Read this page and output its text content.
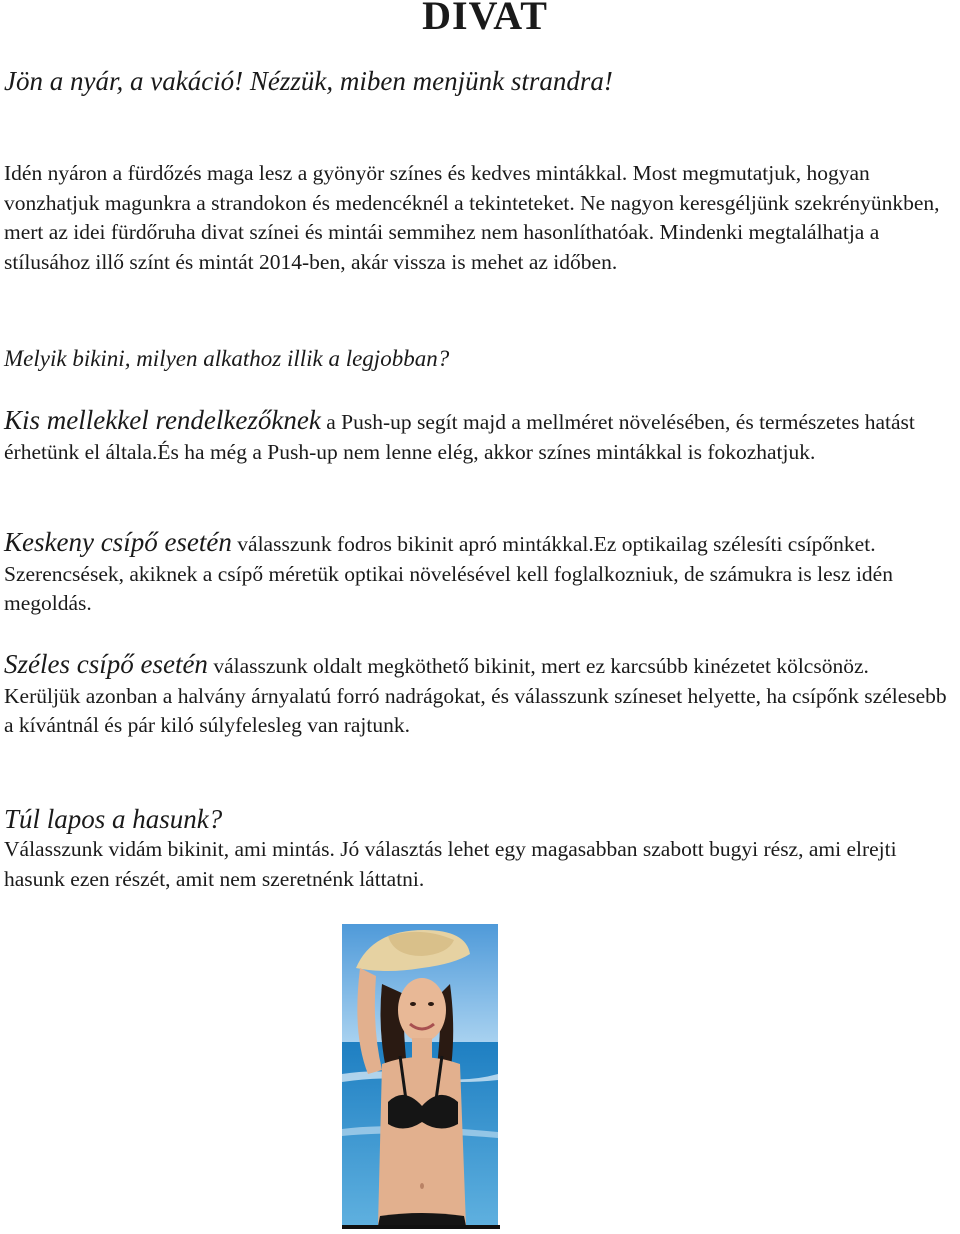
DIVAT

Jön a nyár, a vakáció! Nézzük, miben menjünk strandra!

Idén nyáron a fürdőzés maga lesz a gyönyör színes és kedves mintákkal. Most megmutatjuk, hogyan vonzhatjuk magunkra a strandokon és medencéknél a tekinteteket. Ne nagyon keresgéljünk szekrényünkben, mert az idei fürdőruha divat színei és mintái semmihez nem hasonlíthatóak. Mindenki megtalálhatja a stílusához illő színt és mintát 2014-ben, akár vissza is mehet az időben.

Melyik bikini, milyen alkathoz illik a legjobban?

Kis mellekkel rendelkezőknek a Push-up segít majd a mellméret növelésében, és természetes hatást érhetünk el általa.És ha még a Push-up nem lenne elég, akkor színes mintákkal is fokozhatjuk.

Keskeny csípő esetén válasszunk fodros bikinit apró mintákkal.Ez optikailag szélesíti csípőnket. Szerencsések, akiknek a csípő méretük optikai növelésével kell foglalkozniuk, de számukra is lesz idén megoldás.

Széles csípő esetén válasszunk oldalt megköthető bikinit, mert ez karcsúbb kinézetet kölcsönöz.
Kerüljük azonban a halvány árnyalatú forró nadrágokat, és válasszunk színeset helyette, ha csípőnk szélesebb a kívántnál és pár kiló súlyfelesleg van rajtunk.

Túl lapos a hasunk?

Válasszunk vidám bikinit, ami mintás. Jó választás lehet egy magasabban szabott bugyi rész, ami elrejti hasunk ezen részét, amit nem szeretnénk láttatni.
